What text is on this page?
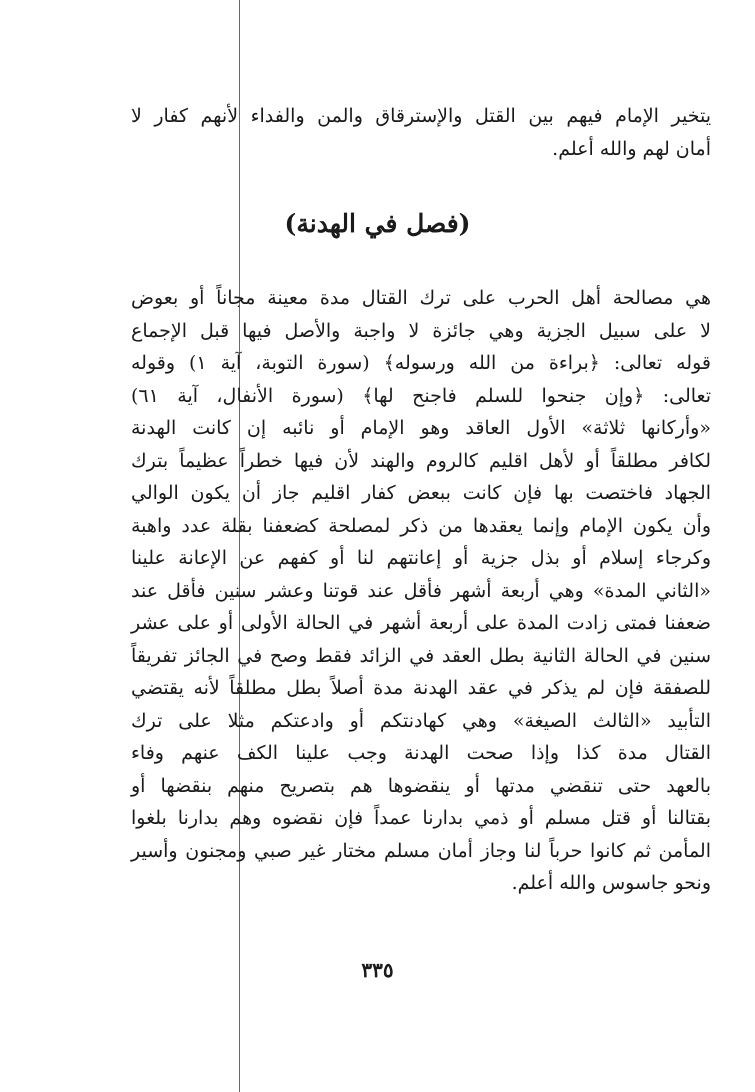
يتخير الإمام فيهم بين القتل والإسترقاق والمن والفداء لأنهم كفار لا
أمان لهم والله أعلم.
(فصل في الهدنة)
هي مصالحة أهل الحرب على ترك القتال مدة معينة مجاناً أو بعوض
لا على سبيل الجزية وهي جائزة لا واجبة والأصل فيها قبل الإجماع
قوله تعالى: ﴿براءة من الله ورسوله﴾ (سورة التوبة، آية ١) وقوله
تعالى: ﴿وإن جنحوا للسلم فاجنح لها﴾ (سورة الأنفال، آية ٦١)
«وأركانها ثلاثة» الأول العاقد وهو الإمام أو نائبه إن كانت الهدنة
لكافر مطلقاً أو لأهل اقليم كالروم والهند لأن فيها خطراً عظيماً بترك
الجهاد فاختصت بها فإن كانت ببعض كفار اقليم جاز أن يكون الوالي
وأن يكون الإمام وإنما يعقدها من ذكر لمصلحة كضعفنا بقلة عدد واهبة
وكرجاء إسلام أو بذل جزية أو إعانتهم لنا أو كفهم عن الإعانة علينا
«الثاني المدة» وهي أربعة أشهر فأقل عند قوتنا وعشر سنين فأقل عند
ضعفنا فمتى زادت المدة على أربعة أشهر في الحالة الأولى أو على عشر
سنين في الحالة الثانية بطل العقد في الزائد فقط وصح في الجائز تفريقاً
للصفقة فإن لم يذكر في عقد الهدنة مدة أصلاً بطل مطلقاً لأنه يقتضي
التأبيد «الثالث الصيغة» وهي كهادنتكم أو وادعتكم مثلا على ترك
القتال مدة كذا وإذا صحت الهدنة وجب علينا الكف عنهم وفاء
بالعهد حتى تنقضي مدتها أو ينقضوها هم بتصريح منهم بنقضها أو
بقتالنا أو قتل مسلم أو ذمي بدارنا عمداً فإن نقضوه وهم بدارنا بلغوا
المأمن ثم كانوا حرباً لنا وجاز أمان مسلم مختار غير صبي ومجنون وأسير
ونحو جاسوس والله أعلم.
٣٣٥
